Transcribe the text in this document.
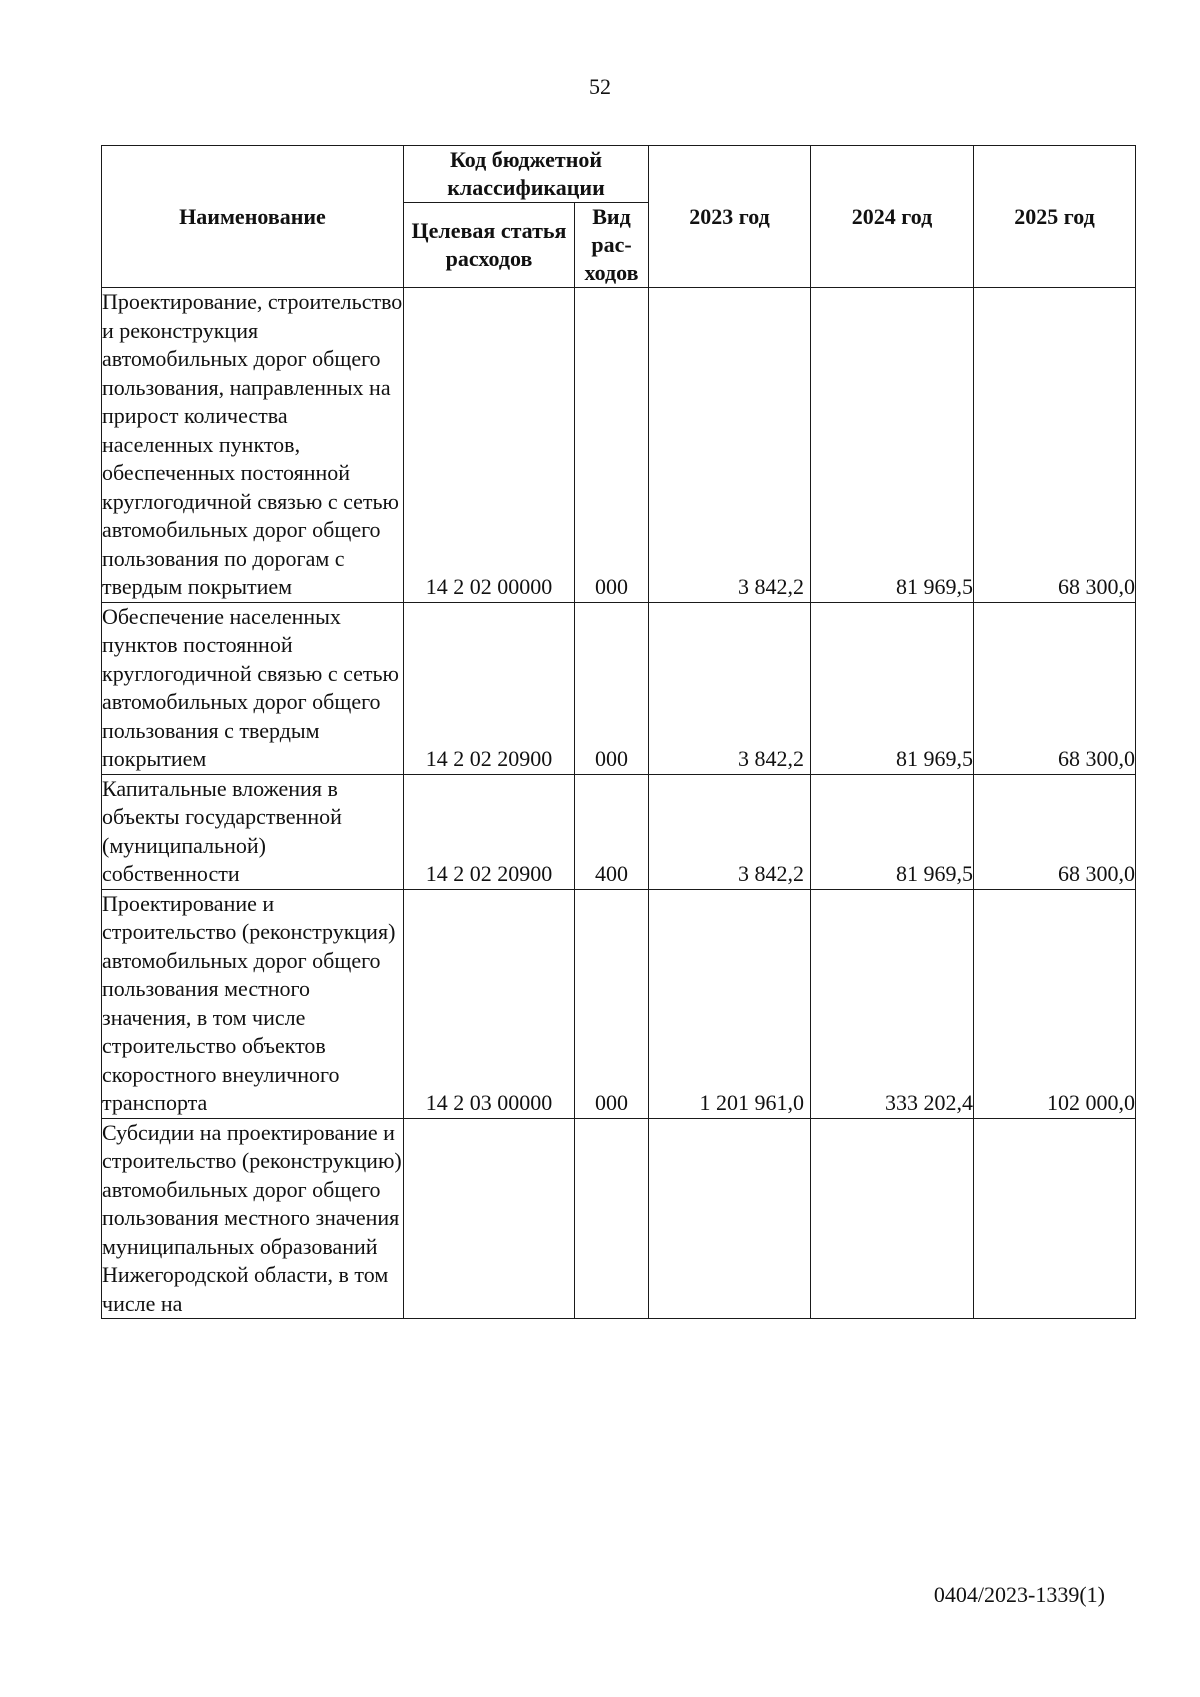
52
Наименование	Код бюджетной классификации		2023 год	2024 год	2025 год
	Целевая статья расходов	Вид рас-ходов			
Проектирование, строительство и реконструкция автомобильных дорог общего пользования, направленных на прирост количества населенных пунктов, обеспеченных постоянной круглогодичной связью с сетью автомобильных дорог общего пользования по дорогам с твердым покрытием	14 2 02 00000	000	3 842,2	81 969,5	68 300,0
Обеспечение населенных пунктов постоянной круглогодичной связью с сетью автомобильных дорог общего пользования с твердым покрытием	14 2 02 20900	000	3 842,2	81 969,5	68 300,0
Капитальные вложения в объекты государственной (муниципальной) собственности	14 2 02 20900	400	3 842,2	81 969,5	68 300,0
Проектирование и строительство (реконструкция) автомобильных дорог общего пользования местного значения, в том числе строительство объектов скоростного внеуличного транспорта	14 2 03 00000	000	1 201 961,0	333 202,4	102 000,0
Субсидии на проектирование и строительство (реконструкцию) автомобильных дорог общего пользования местного значения муниципальных образований Нижегородской области, в том числе на					
0404/2023-1339(1)
